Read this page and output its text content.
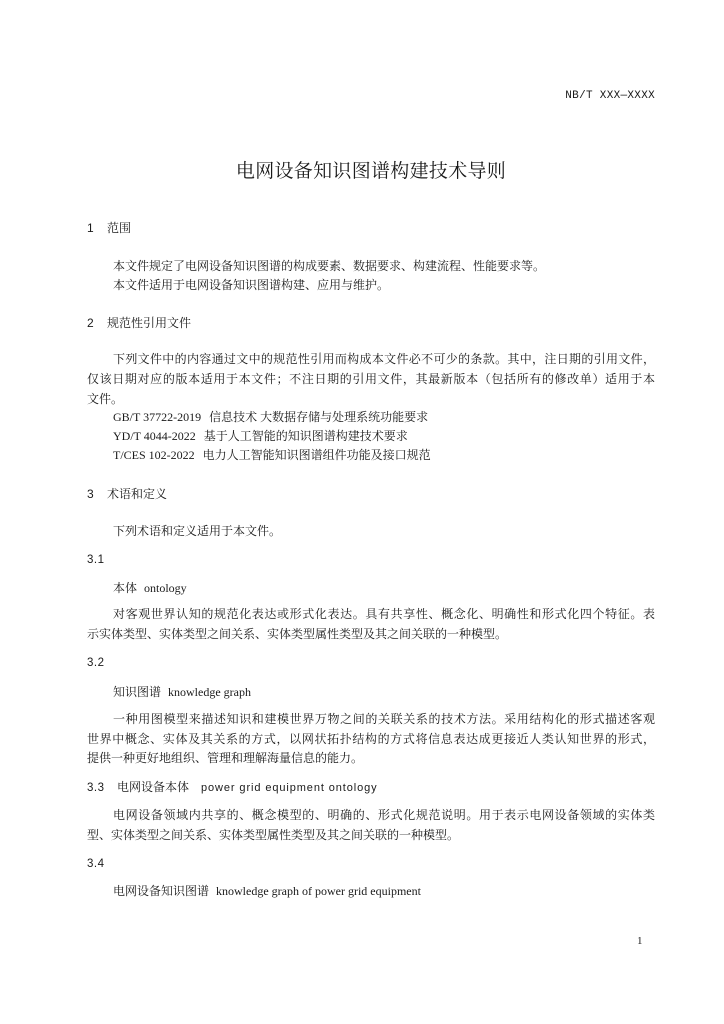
NB/T XXX—XXXX
电网设备知识图谱构建技术导则
1	范围
本文件规定了电网设备知识图谱的构成要素、数据要求、构建流程、性能要求等。
本文件适用于电网设备知识图谱构建、应用与维护。
2	规范性引用文件
下列文件中的内容通过文中的规范性引用而构成本文件必不可少的条款。其中，注日期的引用文件，
仅该日期对应的版本适用于本文件；不注日期的引用文件，其最新版本（包括所有的修改单）适用于本
文件。
GB/T 37722-2019 信息技术 大数据存储与处理系统功能要求
YD/T 4044-2022 基于人工智能的知识图谱构建技术要求
T/CES 102-2022 电力人工智能知识图谱组件功能及接口规范
3	术语和定义
下列术语和定义适用于本文件。
3.1
本体 ontology
对客观世界认知的规范化表达或形式化表达。具有共享性、概念化、明确性和形式化四个特征。表
示实体类型、实体类型之间关系、实体类型属性类型及其之间关联的一种模型。
3.2
知识图谱 knowledge graph
一种用图模型来描述知识和建模世界万物之间的关联关系的技术方法。采用结构化的形式描述客观
世界中概念、实体及其关系的方式，以网状拓扑结构的方式将信息表达成更接近人类认知世界的形式，
提供一种更好地组织、管理和理解海量信息的能力。
3.3	电网设备本体 power grid equipment ontology
电网设备领域内共享的、概念模型的、明确的、形式化规范说明。用于表示电网设备领域的实体类
型、实体类型之间关系、实体类型属性类型及其之间关联的一种模型。
3.4
电网设备知识图谱 knowledge graph of power grid equipment
1
